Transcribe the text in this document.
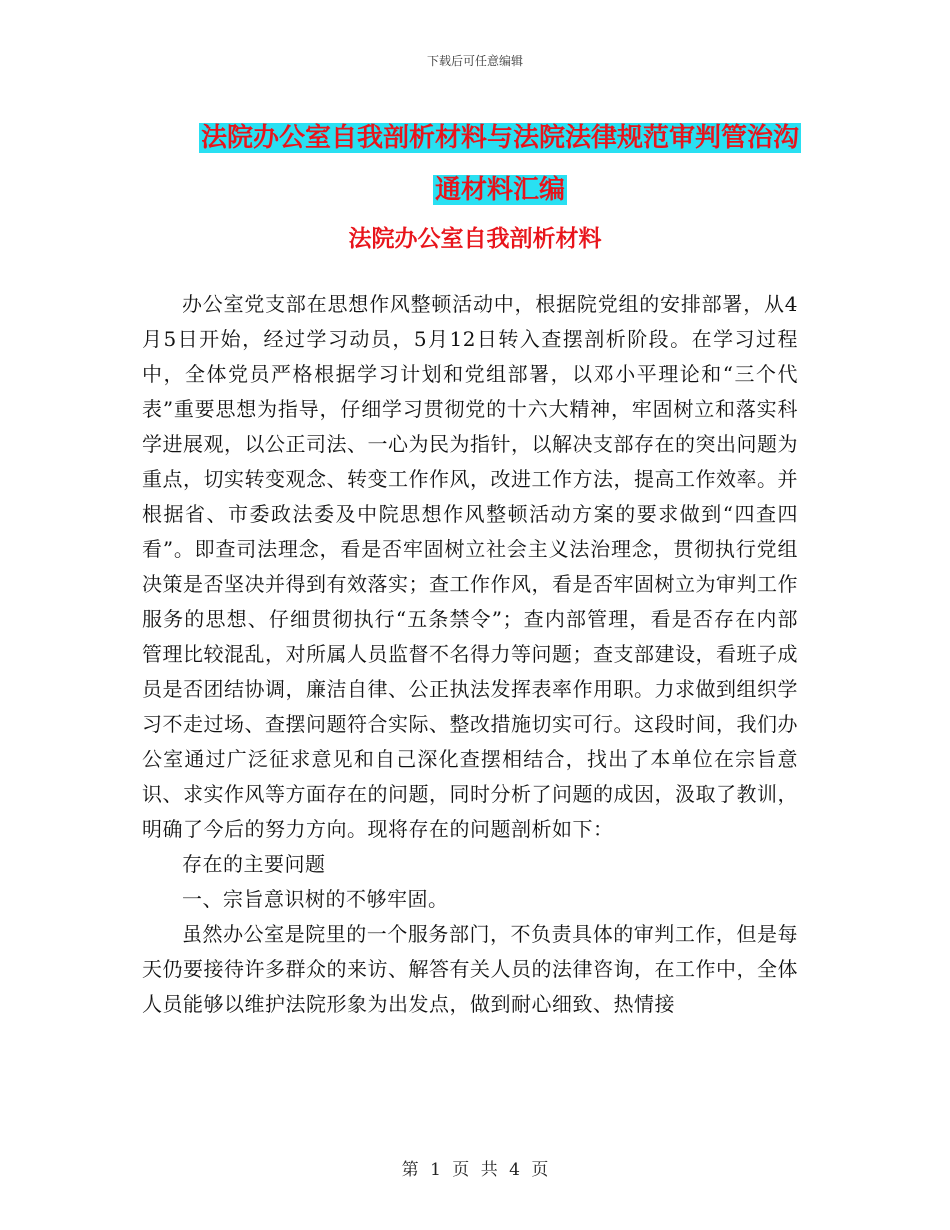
下载后可任意编辑
法院办公室自我剖析材料与法院法律规范审判管治沟
通材料汇编
法院办公室自我剖析材料

办公室党支部在思想作风整顿活动中，根据院党组的安排部署，从4月5日开始，经过学习动员，5月12日转入查摆剖析阶段。在学习过程中，全体党员严格根据学习计划和党组部署，以邓小平理论和“三个代表”重要思想为指导，仔细学习贯彻党的十六大精神，牢固树立和落实科学进展观，以公正司法、一心为民为指针，以解决支部存在的突出问题为重点，切实转变观念、转变工作作风，改进工作方法，提高工作效率。并根据省、市委政法委及中院思想作风整顿活动方案的要求做到“四查四看”。即查司法理念，看是否牢固树立社会主义法治理念，贯彻执行党组决策是否坚决并得到有效落实；查工作作风，看是否牢固树立为审判工作服务的思想、仔细贯彻执行“五条禁令”；查内部管理，看是否存在内部管理比较混乱，对所属人员监督不名得力等问题；查支部建设，看班子成员是否团结协调，廉洁自律、公正执法发挥表率作用职。力求做到组织学习不走过场、查摆问题符合实际、整改措施切实可行。这段时间，我们办公室通过广泛征求意见和自己深化查摆相结合，找出了本单位在宗旨意识、求实作风等方面存在的问题，同时分析了问题的成因，汲取了教训，明确了今后的努力方向。现将存在的问题剖析如下：

存在的主要问题

一、宗旨意识树的不够牢固。

虽然办公室是院里的一个服务部门，不负责具体的审判工作，但是每天仍要接待许多群众的来访、解答有关人员的法律咨询，在工作中，全体人员能够以维护法院形象为出发点，做到耐心细致、热情接

第 1 页 共 4 页
